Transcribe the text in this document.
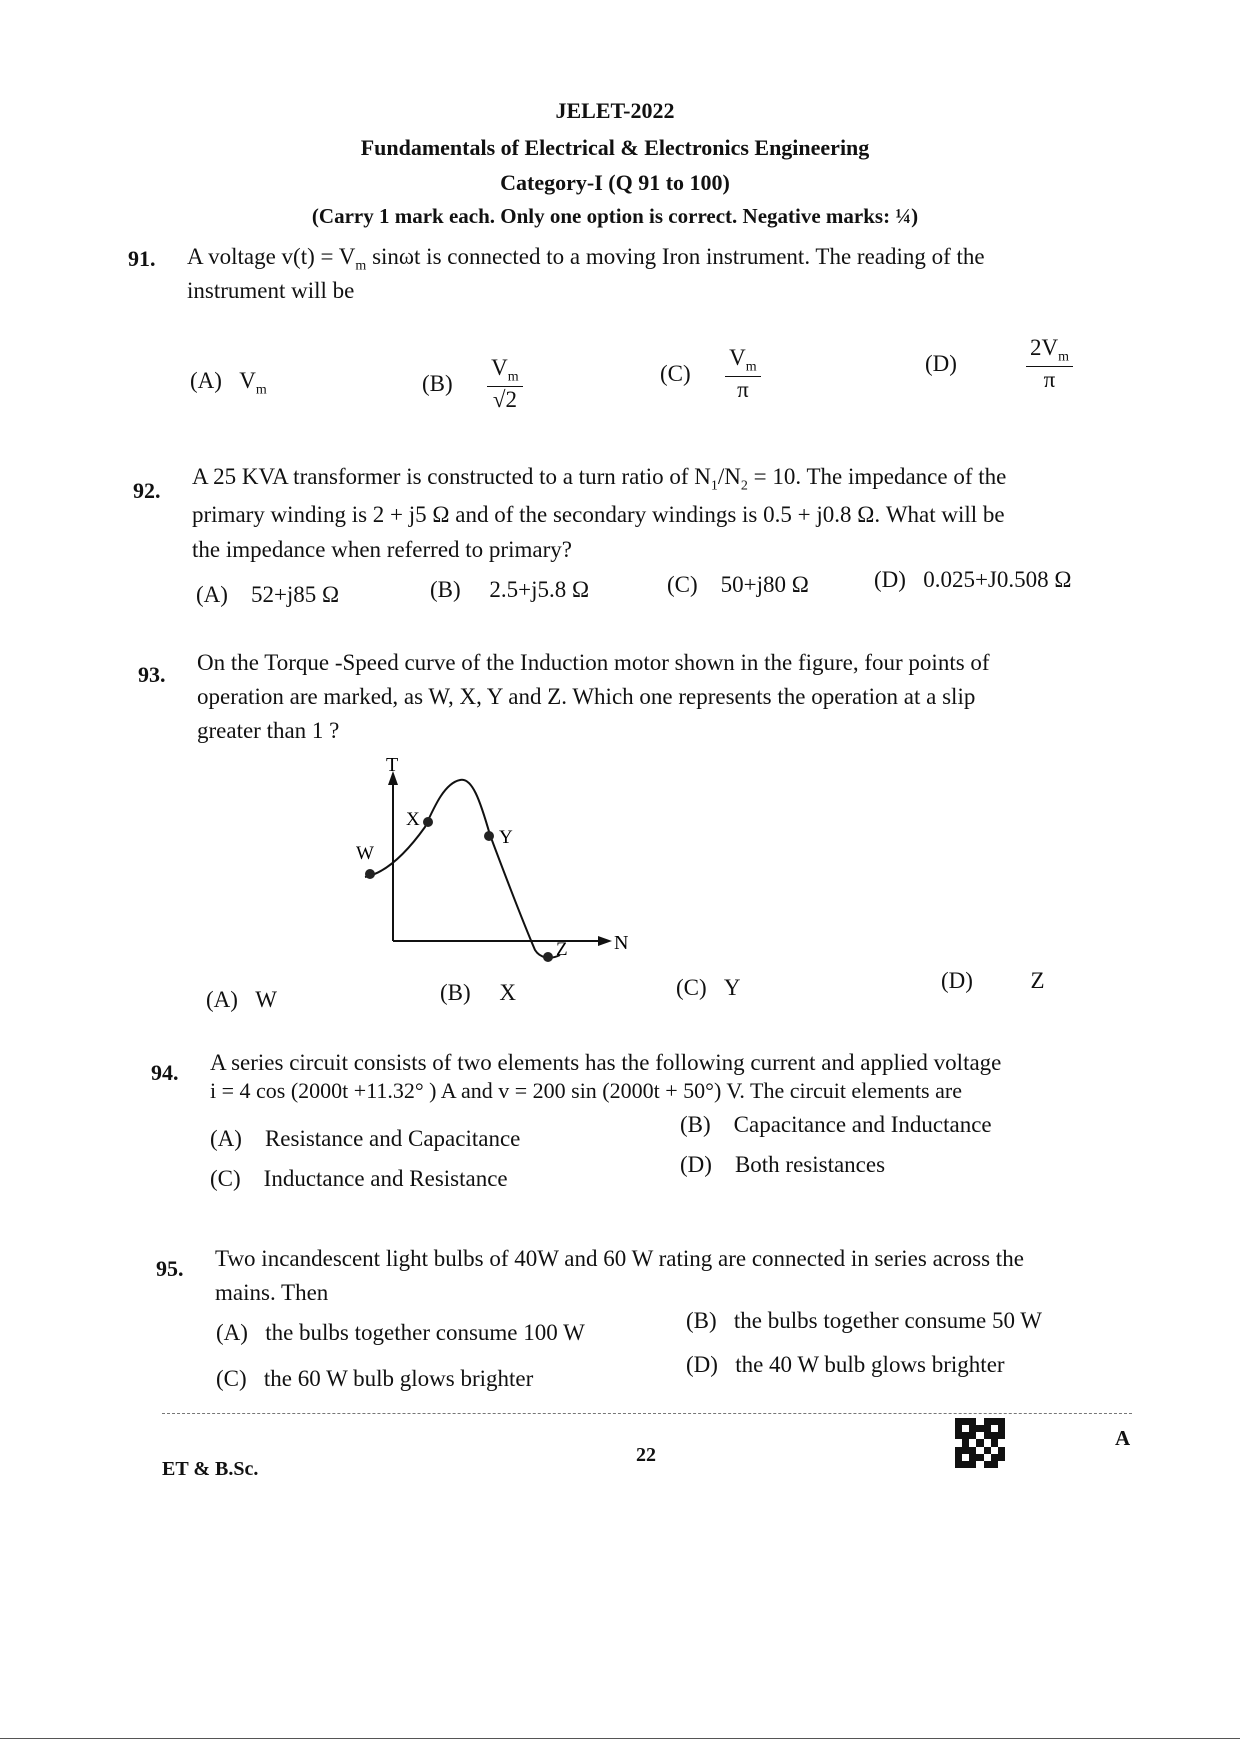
JELET-2022
Fundamentals of Electrical & Electronics Engineering
Category-I (Q 91 to 100)
(Carry 1 mark each. Only one option is correct. Negative marks: ¼)
91. A voltage $v(t) = V_m$ sinωt is connected to a moving Iron instrument. The reading of the
instrument will be
(A) $V_m$	$(B) \frac{V_m}{√2}$	$(C) \frac{V_m}{\pi}$	(D)	$\frac{2V_m}{\pi}$
92.
A 25 KVA transformer is constructed to a turn ratio of $N_1/N_2 = 10$. The impedance of the
primary winding is 2 + j5 Ω and of the secondary windings is 0.5 + j0.8 Ω. What will be
the impedance when referred to primary?
(A) 52+j85 Ω	(B) 2.5+j5.8 Ω	(C) 50+j80 Ω	(D) 0.025+J0.508 Ω
93. On the Torque -Speed curve of the Induction motor shown in the figure, four points of
operation are marked, as W, X, Y and Z. Which one represents the operation at a slip
greater than 1 ?
T
N
W
X
Y
Z
(A) W	(B) X	(C) Y	(D)	Z
94. A series circuit consists of two elements has the following current and applied voltage
i = 4 cos (2000t +11.32° ) A and v = 200 sin (2000t + 50°) V. The circuit elements are
(A) Resistance and Capacitance
(B) Capacitance and Inductance
(C) Inductance and Resistance
(D) Both resistances
95. Two incandescent light bulbs of 40W and 60 W rating are connected in series across the
mains. Then
(A) the bulbs together consume 100 W	(B) the bulbs together consume 50 W
(C) the 60 W bulb glows brighter
(D) the 40 W bulb glows brighter
ET & B.Sc.
22
A
